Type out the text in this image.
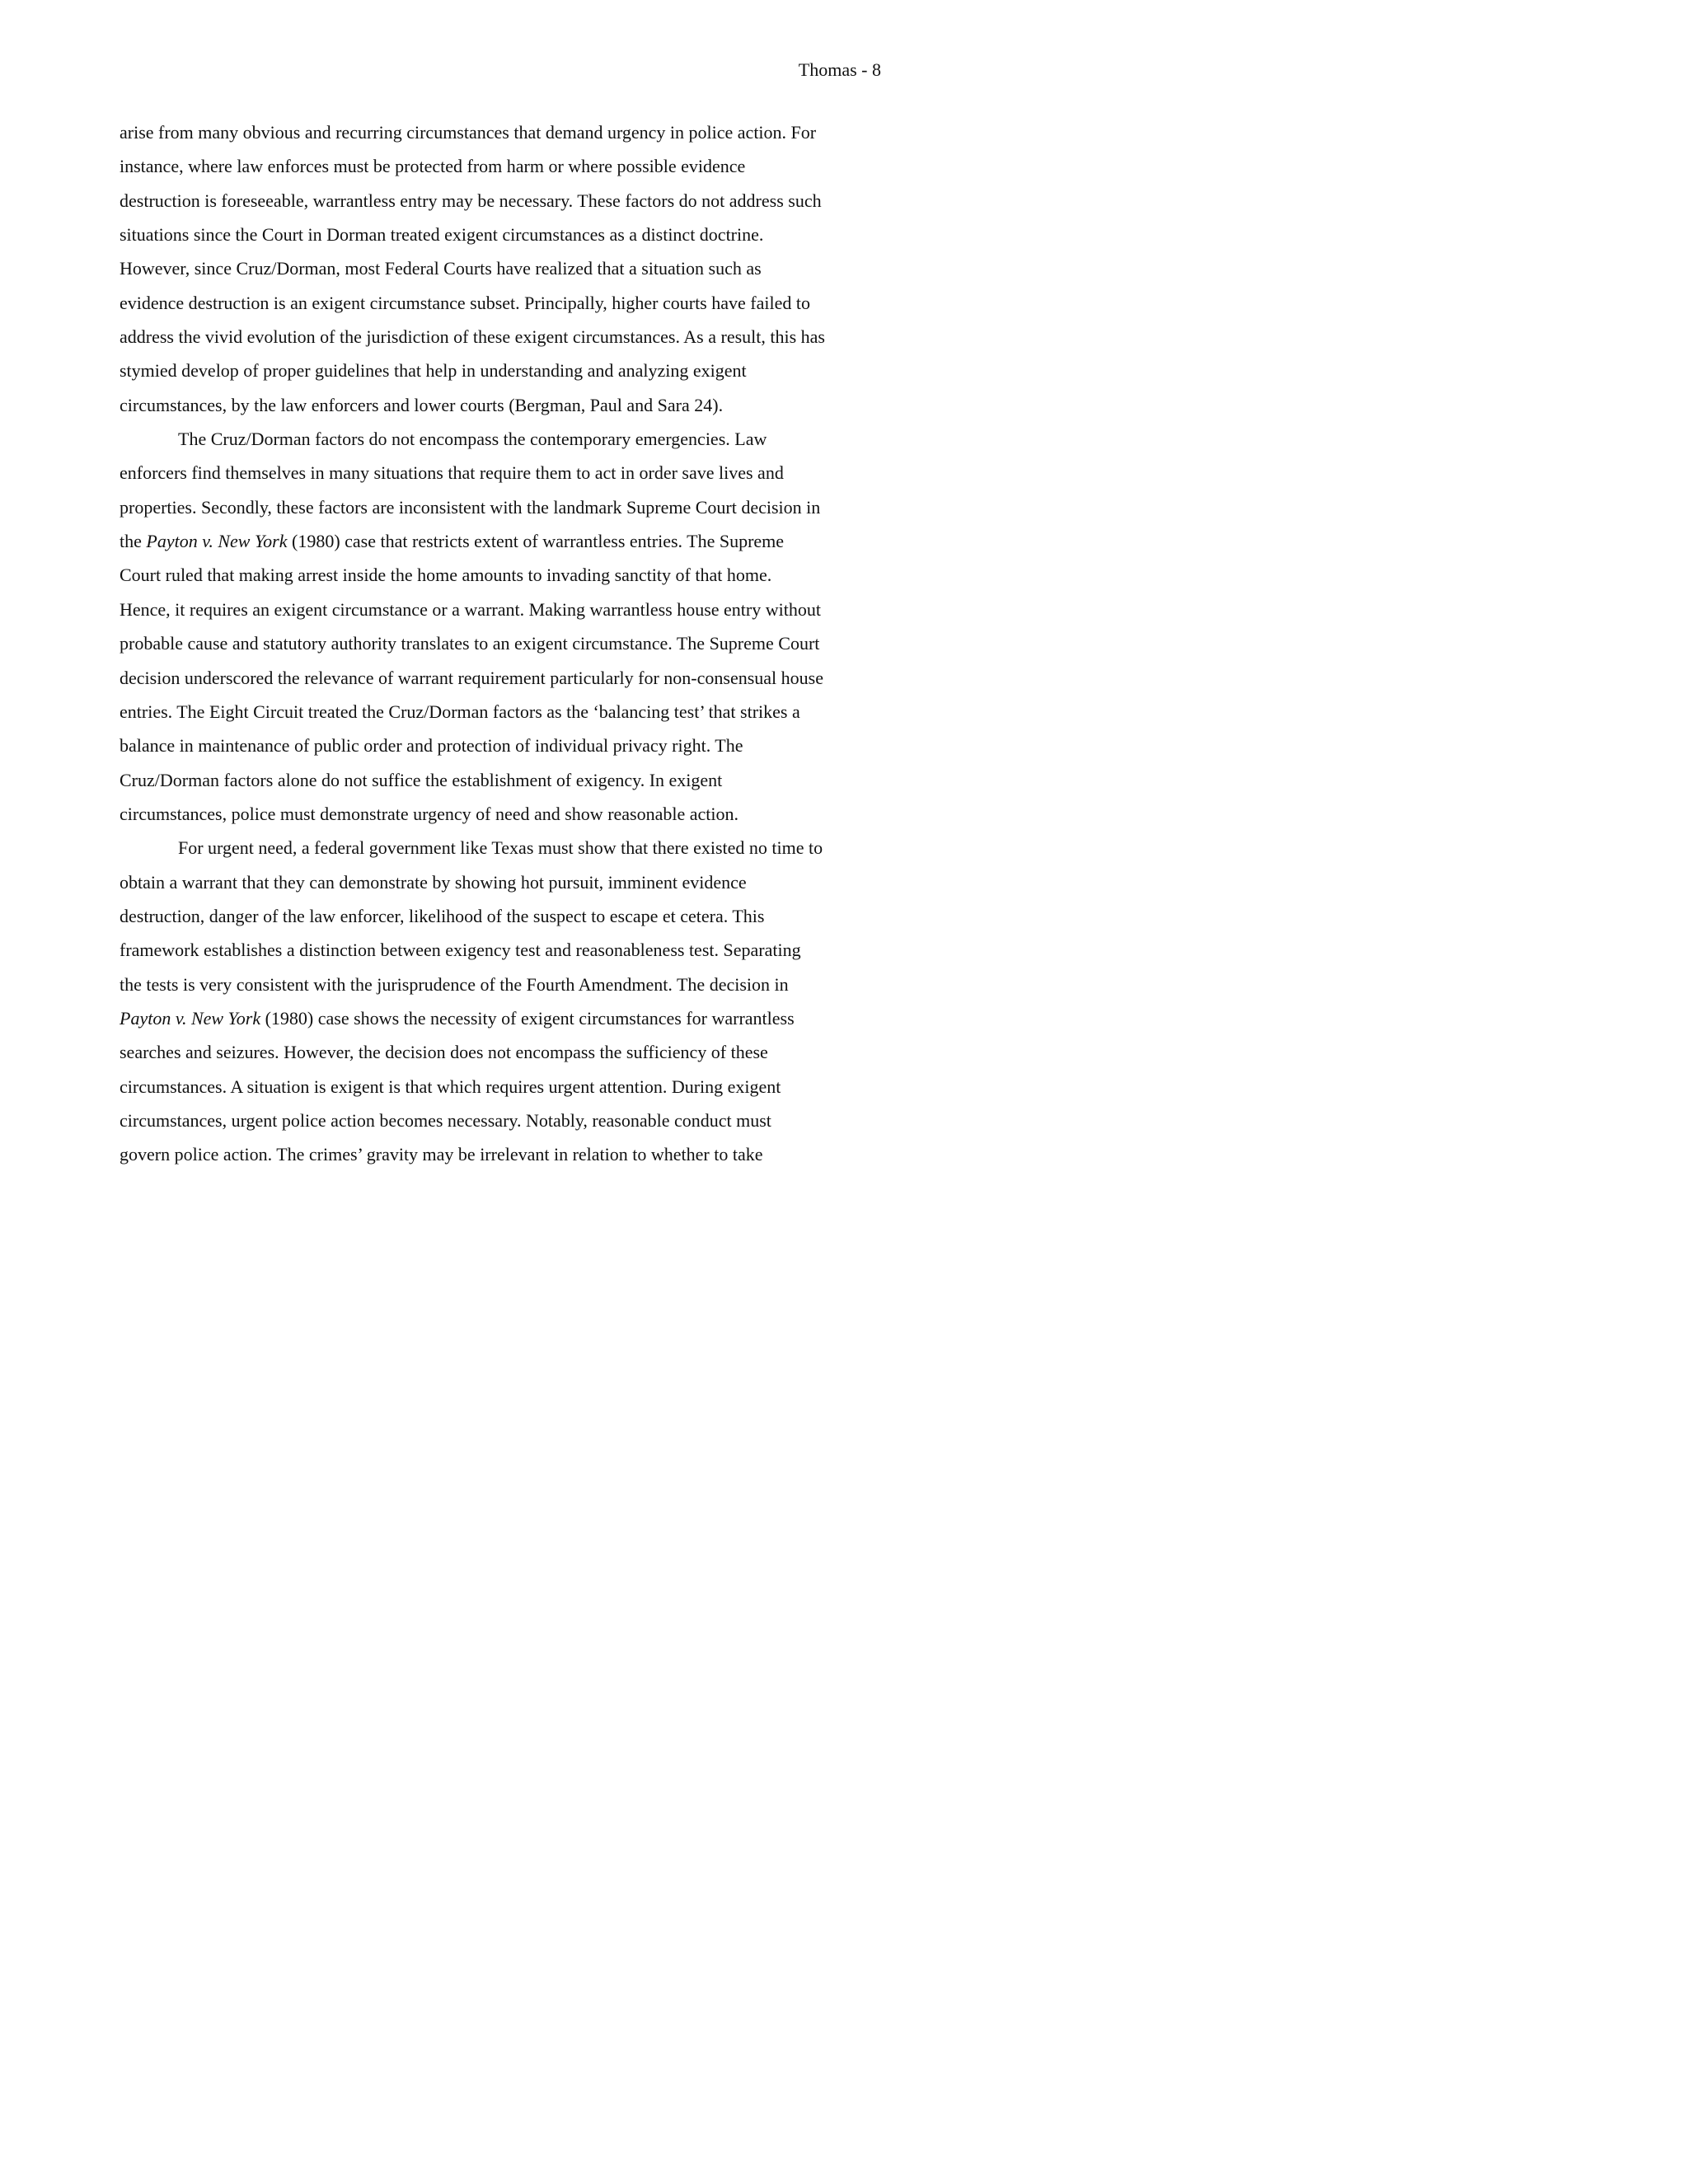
Thomas - 8
arise from many obvious and recurring circumstances that demand urgency in police action. For
instance, where law enforces must be protected from harm or where possible evidence
destruction is foreseeable, warrantless entry may be necessary. These factors do not address such
situations since the Court in Dorman treated exigent circumstances as a distinct doctrine.
However, since Cruz/Dorman, most Federal Courts have realized that a situation such as
evidence destruction is an exigent circumstance subset. Principally, higher courts have failed to
address the vivid evolution of the jurisdiction of these exigent circumstances. As a result, this has
stymied develop of proper guidelines that help in understanding and analyzing exigent
circumstances, by the law enforcers and lower courts (Bergman, Paul and Sara 24).
The Cruz/Dorman factors do not encompass the contemporary emergencies. Law
enforcers find themselves in many situations that require them to act in order save lives and
properties. Secondly, these factors are inconsistent with the landmark Supreme Court decision in
the Payton v. New York (1980) case that restricts extent of warrantless entries. The Supreme
Court ruled that making arrest inside the home amounts to invading sanctity of that home.
Hence, it requires an exigent circumstance or a warrant. Making warrantless house entry without
probable cause and statutory authority translates to an exigent circumstance. The Supreme Court
decision underscored the relevance of warrant requirement particularly for non-consensual house
entries. The Eight Circuit treated the Cruz/Dorman factors as the ‘balancing test’ that strikes a
balance in maintenance of public order and protection of individual privacy right. The
Cruz/Dorman factors alone do not suffice the establishment of exigency. In exigent
circumstances, police must demonstrate urgency of need and show reasonable action.
For urgent need, a federal government like Texas must show that there existed no time to
obtain a warrant that they can demonstrate by showing hot pursuit, imminent evidence
destruction, danger of the law enforcer, likelihood of the suspect to escape et cetera. This
framework establishes a distinction between exigency test and reasonableness test. Separating
the tests is very consistent with the jurisprudence of the Fourth Amendment. The decision in
Payton v. New York (1980) case shows the necessity of exigent circumstances for warrantless
searches and seizures. However, the decision does not encompass the sufficiency of these
circumstances. A situation is exigent is that which requires urgent attention. During exigent
circumstances, urgent police action becomes necessary. Notably, reasonable conduct must
govern police action. The crimes’ gravity may be irrelevant in relation to whether to take
